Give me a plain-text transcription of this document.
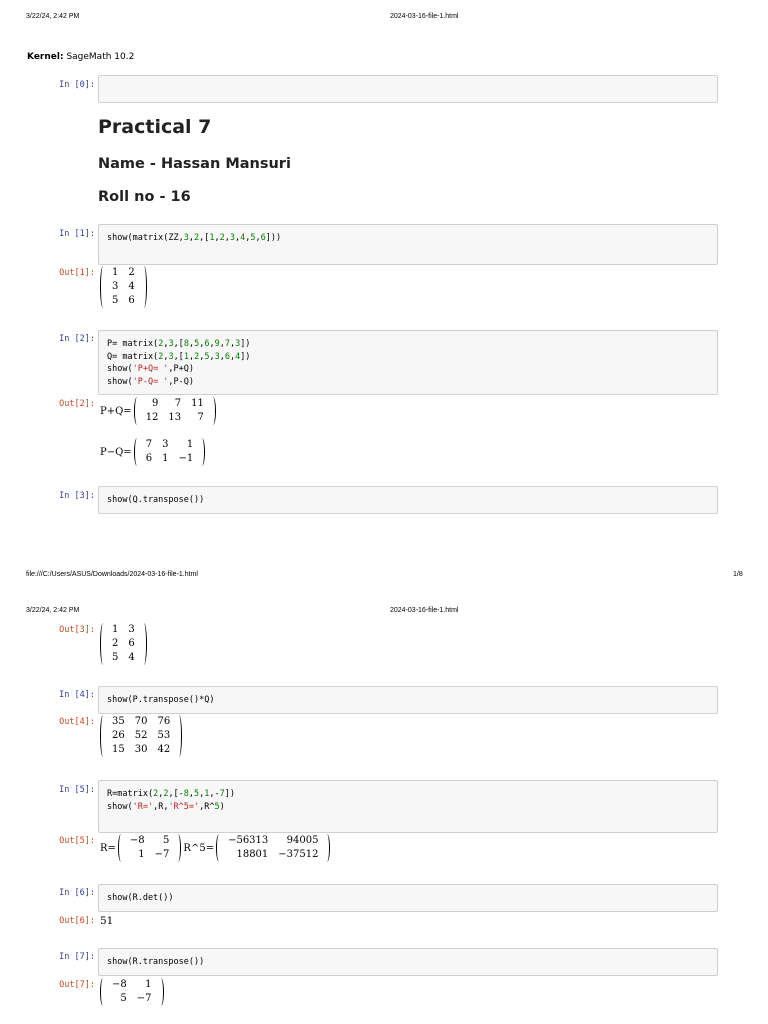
3/22/24, 2:42 PM	2024-03-16-file-1.html
Kernel: SageMath 10.2
In [0]:
Practical 7
Name - Hassan Mansuri
Roll no - 16
In [1]:	show(matrix(ZZ,3,2,[1,2,3,4,5,6]))
Out[1]: 1	2
3	4
5	6
In [2]:	P= matrix(2,3,[8,5,6,9,7,3])
Q= matrix(2,3,[1,2,5,3,6,4])
show('P+Q= ',P+Q)
show('P-Q= ',P-Q)
Out[2]:
P+Q=
9	7	11
12	13	7
P−Q=
7	3	1
6	1	−1
In [3]:	show(Q.transpose())
file:///C:/Users/ASUS/Downloads/2024-03-16-file-1.html	1/8
3/22/24, 2:42 PM	2024-03-16-file-1.html
Out[3]: 1	3
2	6
5	4
In [4]:	show(P.transpose()*Q)
Out[4]: 35	70	76
26	52	53
15	30	42
In [5]:	R=matrix(2,2,[-8,5,1,-7])
show('R=',R,'R^5=',R^5)
Out[5]:
R=
−8	5
1	−7
R^5=
−56313	94005
18801	−37512
In [6]:	show(R.det())
Out[6]: 51
In [7]:	show(R.transpose())
Out[7]: −8	1
5	−7
